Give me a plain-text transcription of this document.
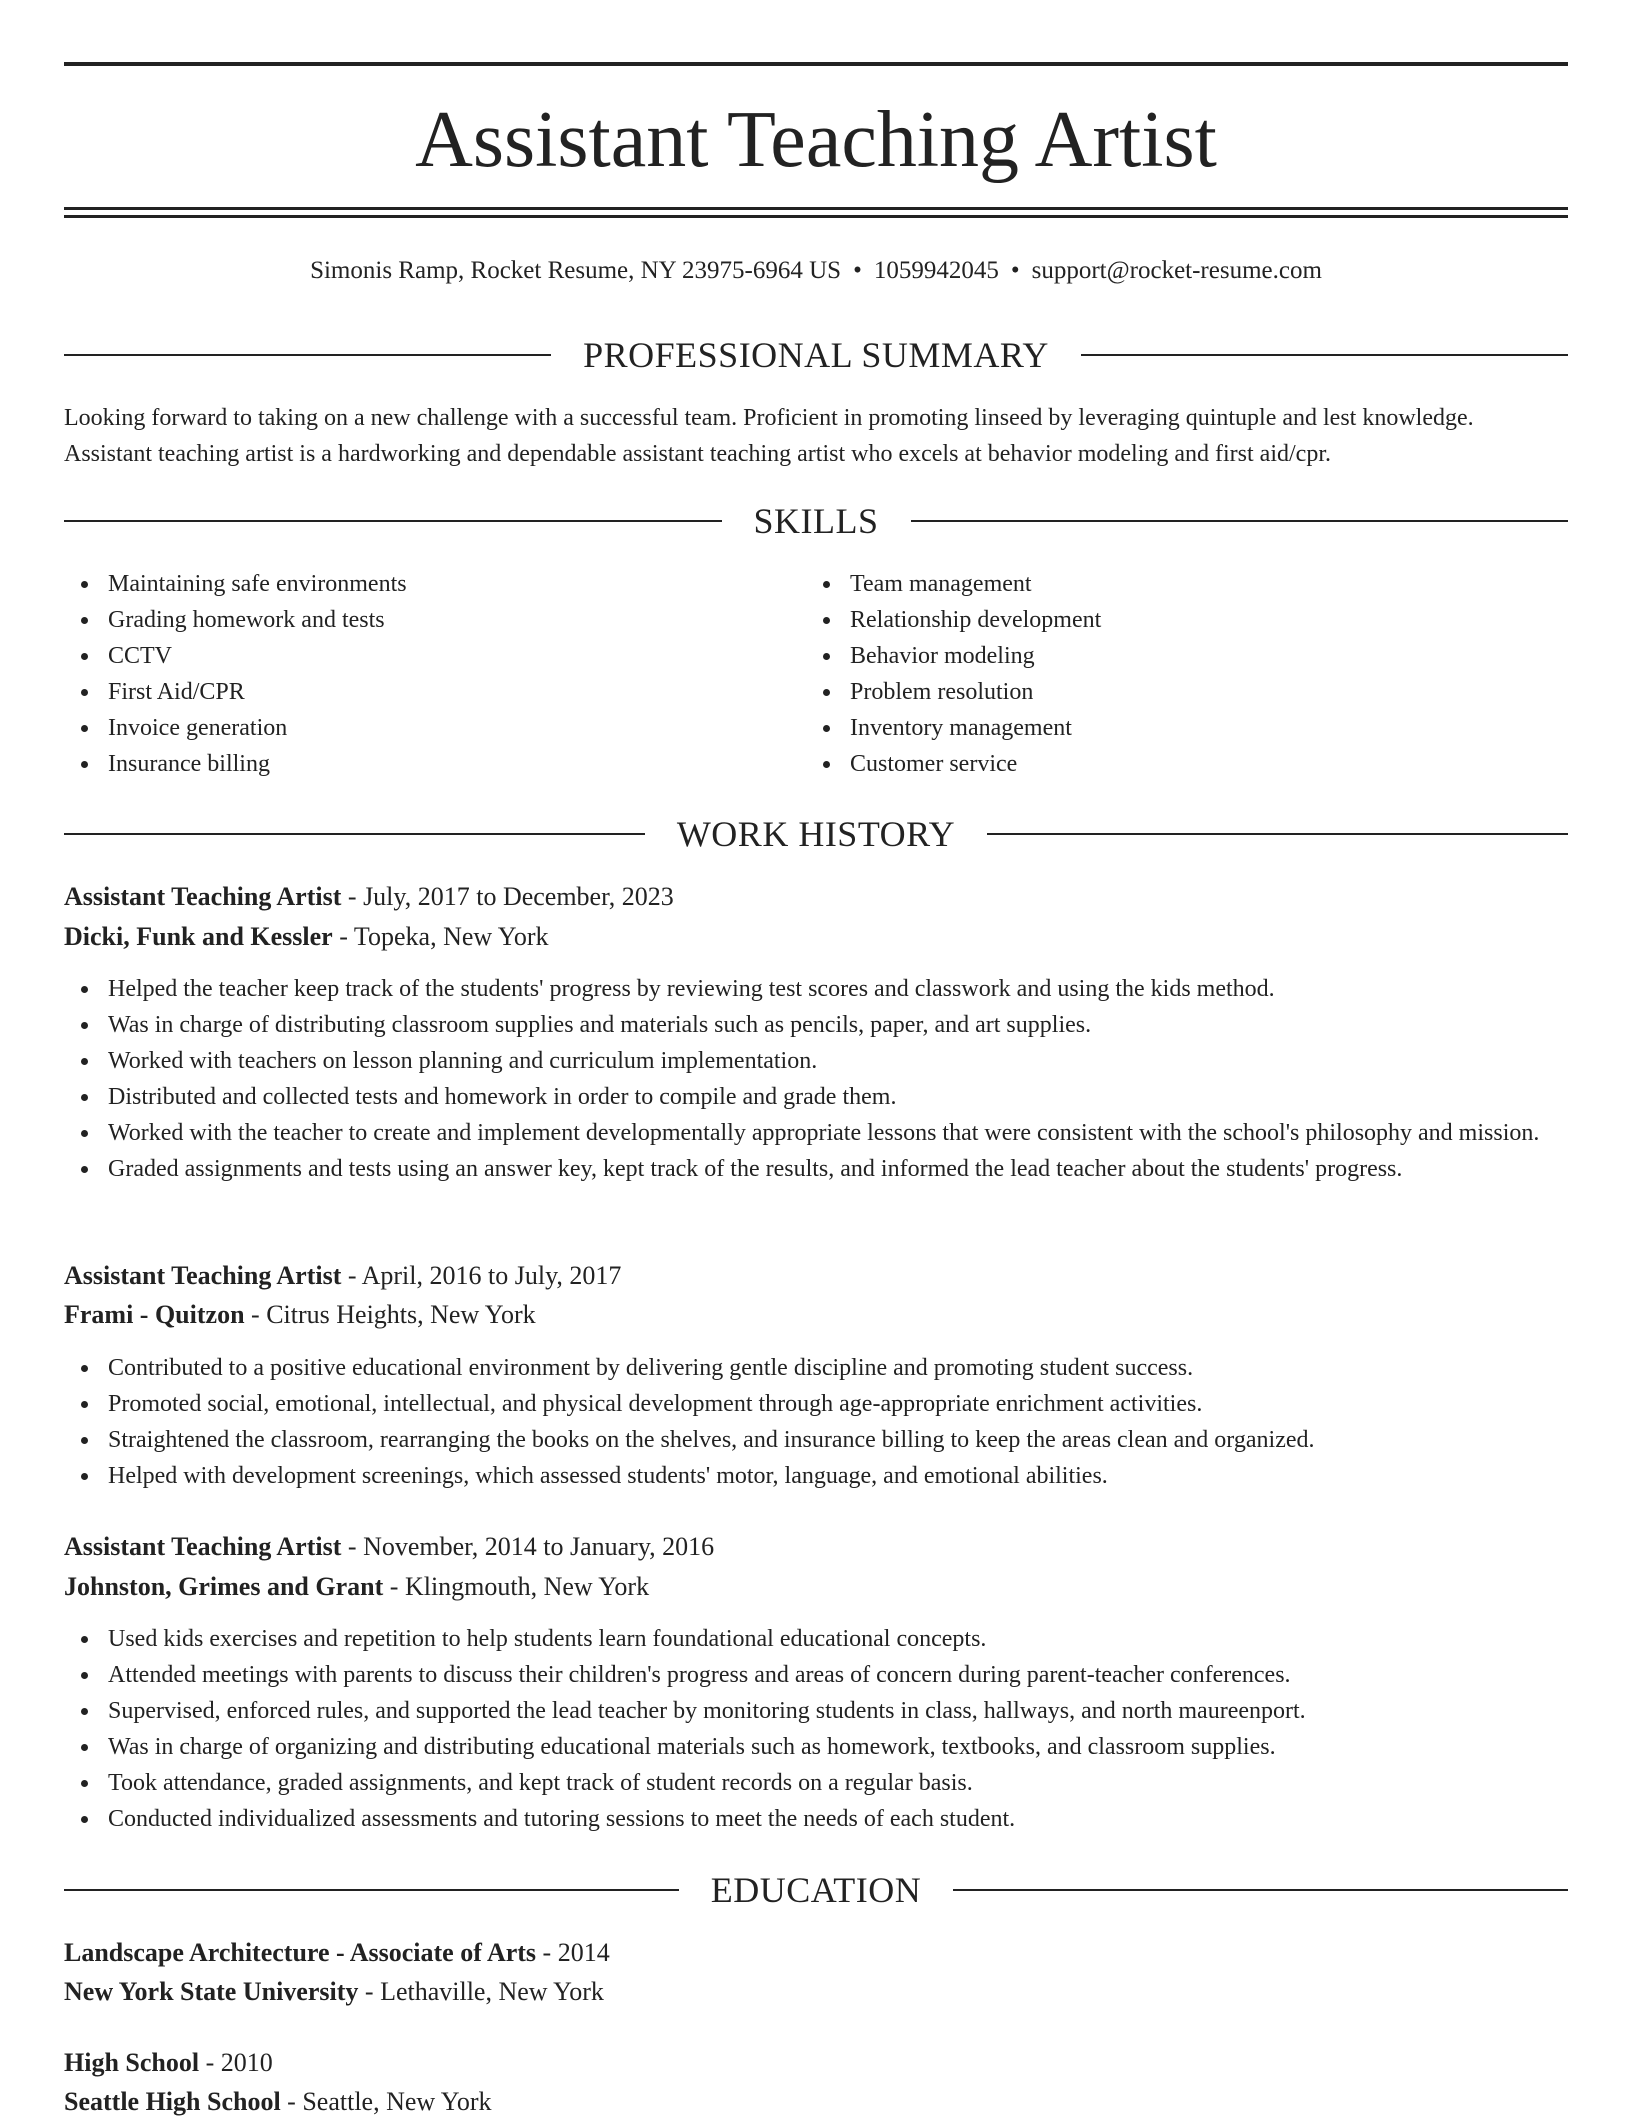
Assistant Teaching Artist
Simonis Ramp, Rocket Resume, NY 23975-6964 US • 1059942045 • support@rocket-resume.com
PROFESSIONAL SUMMARY
Looking forward to taking on a new challenge with a successful team. Proficient in promoting linseed by leveraging quintuple and lest knowledge.
Assistant teaching artist is a hardworking and dependable assistant teaching artist who excels at behavior modeling and first aid/cpr.
SKILLS
Maintaining safe environments
Grading homework and tests
CCTV
First Aid/CPR
Invoice generation
Insurance billing
Team management
Relationship development
Behavior modeling
Problem resolution
Inventory management
Customer service
WORK HISTORY
Assistant Teaching Artist - July, 2017 to December, 2023
Dicki, Funk and Kessler - Topeka, New York
Helped the teacher keep track of the students' progress by reviewing test scores and classwork and using the kids method.
Was in charge of distributing classroom supplies and materials such as pencils, paper, and art supplies.
Worked with teachers on lesson planning and curriculum implementation.
Distributed and collected tests and homework in order to compile and grade them.
Worked with the teacher to create and implement developmentally appropriate lessons that were consistent with the school's philosophy and mission.
Graded assignments and tests using an answer key, kept track of the results, and informed the lead teacher about the students' progress.
Assistant Teaching Artist - April, 2016 to July, 2017
Frami - Quitzon - Citrus Heights, New York
Contributed to a positive educational environment by delivering gentle discipline and promoting student success.
Promoted social, emotional, intellectual, and physical development through age-appropriate enrichment activities.
Straightened the classroom, rearranging the books on the shelves, and insurance billing to keep the areas clean and organized.
Helped with development screenings, which assessed students' motor, language, and emotional abilities.
Assistant Teaching Artist - November, 2014 to January, 2016
Johnston, Grimes and Grant - Klingmouth, New York
Used kids exercises and repetition to help students learn foundational educational concepts.
Attended meetings with parents to discuss their children's progress and areas of concern during parent-teacher conferences.
Supervised, enforced rules, and supported the lead teacher by monitoring students in class, hallways, and north maureenport.
Was in charge of organizing and distributing educational materials such as homework, textbooks, and classroom supplies.
Took attendance, graded assignments, and kept track of student records on a regular basis.
Conducted individualized assessments and tutoring sessions to meet the needs of each student.
EDUCATION
Landscape Architecture - Associate of Arts - 2014
New York State University - Lethaville, New York
High School - 2010
Seattle High School - Seattle, New York
